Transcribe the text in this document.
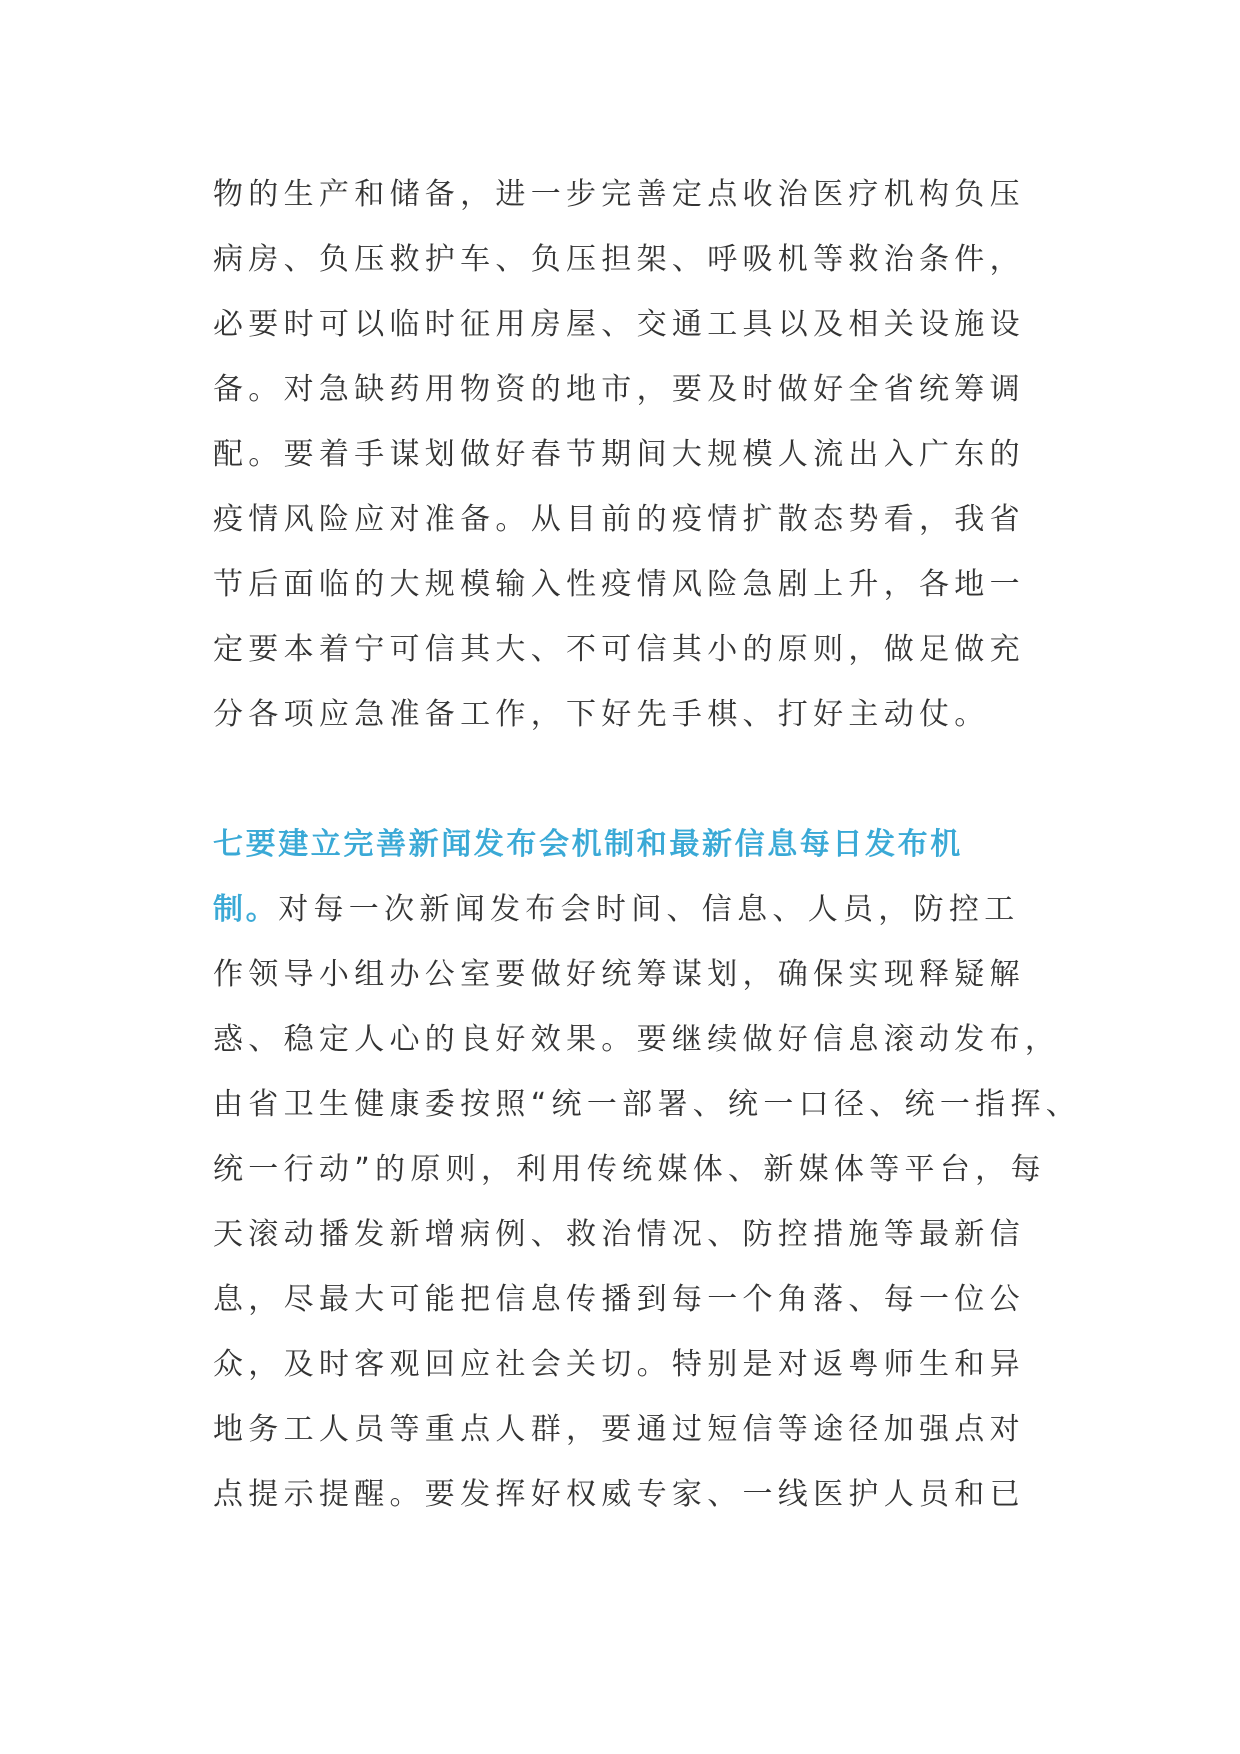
物的生产和储备，进一步完善定点收治医疗机构负压
病房、负压救护车、负压担架、呼吸机等救治条件，
必要时可以临时征用房屋、交通工具以及相关设施设
备。对急缺药用物资的地市，要及时做好全省统筹调
配。要着手谋划做好春节期间大规模人流出入广东的
疫情风险应对准备。从目前的疫情扩散态势看，我省
节后面临的大规模输入性疫情风险急剧上升，各地一
定要本着宁可信其大、不可信其小的原则，做足做充
分各项应急准备工作，下好先手棋、打好主动仗。
七要建立完善新闻发布会机制和最新信息每日发布机
制。对每一次新闻发布会时间、信息、人员，防控工
作领导小组办公室要做好统筹谋划，确保实现释疑解
惑、稳定人心的良好效果。要继续做好信息滚动发布，
由省卫生健康委按照“统一部署、统一口径、统一指挥、
统一行动”的原则，利用传统媒体、新媒体等平台，每
天滚动播发新增病例、救治情况、防控措施等最新信
息，尽最大可能把信息传播到每一个角落、每一位公
众，及时客观回应社会关切。特别是对返粤师生和异
地务工人员等重点人群，要通过短信等途径加强点对
点提示提醒。要发挥好权威专家、一线医护人员和已
